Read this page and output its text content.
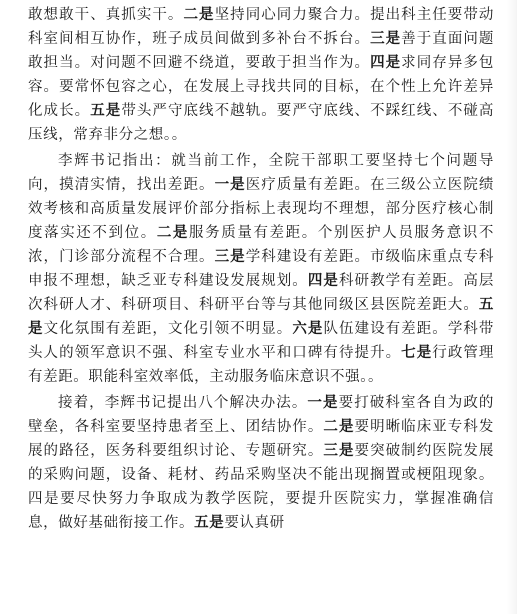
敢想敢干、真抓实干。二是坚持同心同力聚合力。提出科主任要带动科室间相互协作，班子成员间做到多补台不拆台。三是善于直面问题敢担当。对问题不回避不绕道，要敢于担当作为。四是求同存异多包容。要常怀包容之心，在发展上寻找共同的目标，在个性上允许差异化成长。五是带头严守底线不越轨。要严守底线、不踩红线、不碰高压线，常弃非分之想。。

李辉书记指出：就当前工作，全院干部职工要坚持七个问题导向，摸清实情，找出差距。一是医疗质量有差距。在三级公立医院绩效考核和高质量发展评价部分指标上表现均不理想，部分医疗核心制度落实还不到位。二是服务质量有差距。个别医护人员服务意识不浓，门诊部分流程不合理。三是学科建设有差距。市级临床重点专科申报不理想，缺乏亚专科建设发展规划。四是科研教学有差距。高层次科研人才、科研项目、科研平台等与其他同级区县医院差距大。五是文化氛围有差距，文化引领不明显。六是队伍建设有差距。学科带头人的领军意识不强、科室专业水平和口碑有待提升。七是行政管理有差距。职能科室效率低，主动服务临床意识不强。。

接着，李辉书记提出八个解决办法。一是要打破科室各自为政的壁垒，各科室要坚持患者至上、团结协作。二是要明晰临床亚专科发展的路径，医务科要组织讨论、专题研究。三是要突破制约医院发展的采购问题，设备、耗材、药品采购坚决不能出现搁置或梗阻现象。四是要尽快努力争取成为教学医院，要提升医院实力，掌握准确信息，做好基础衔接工作。五是要认真研
